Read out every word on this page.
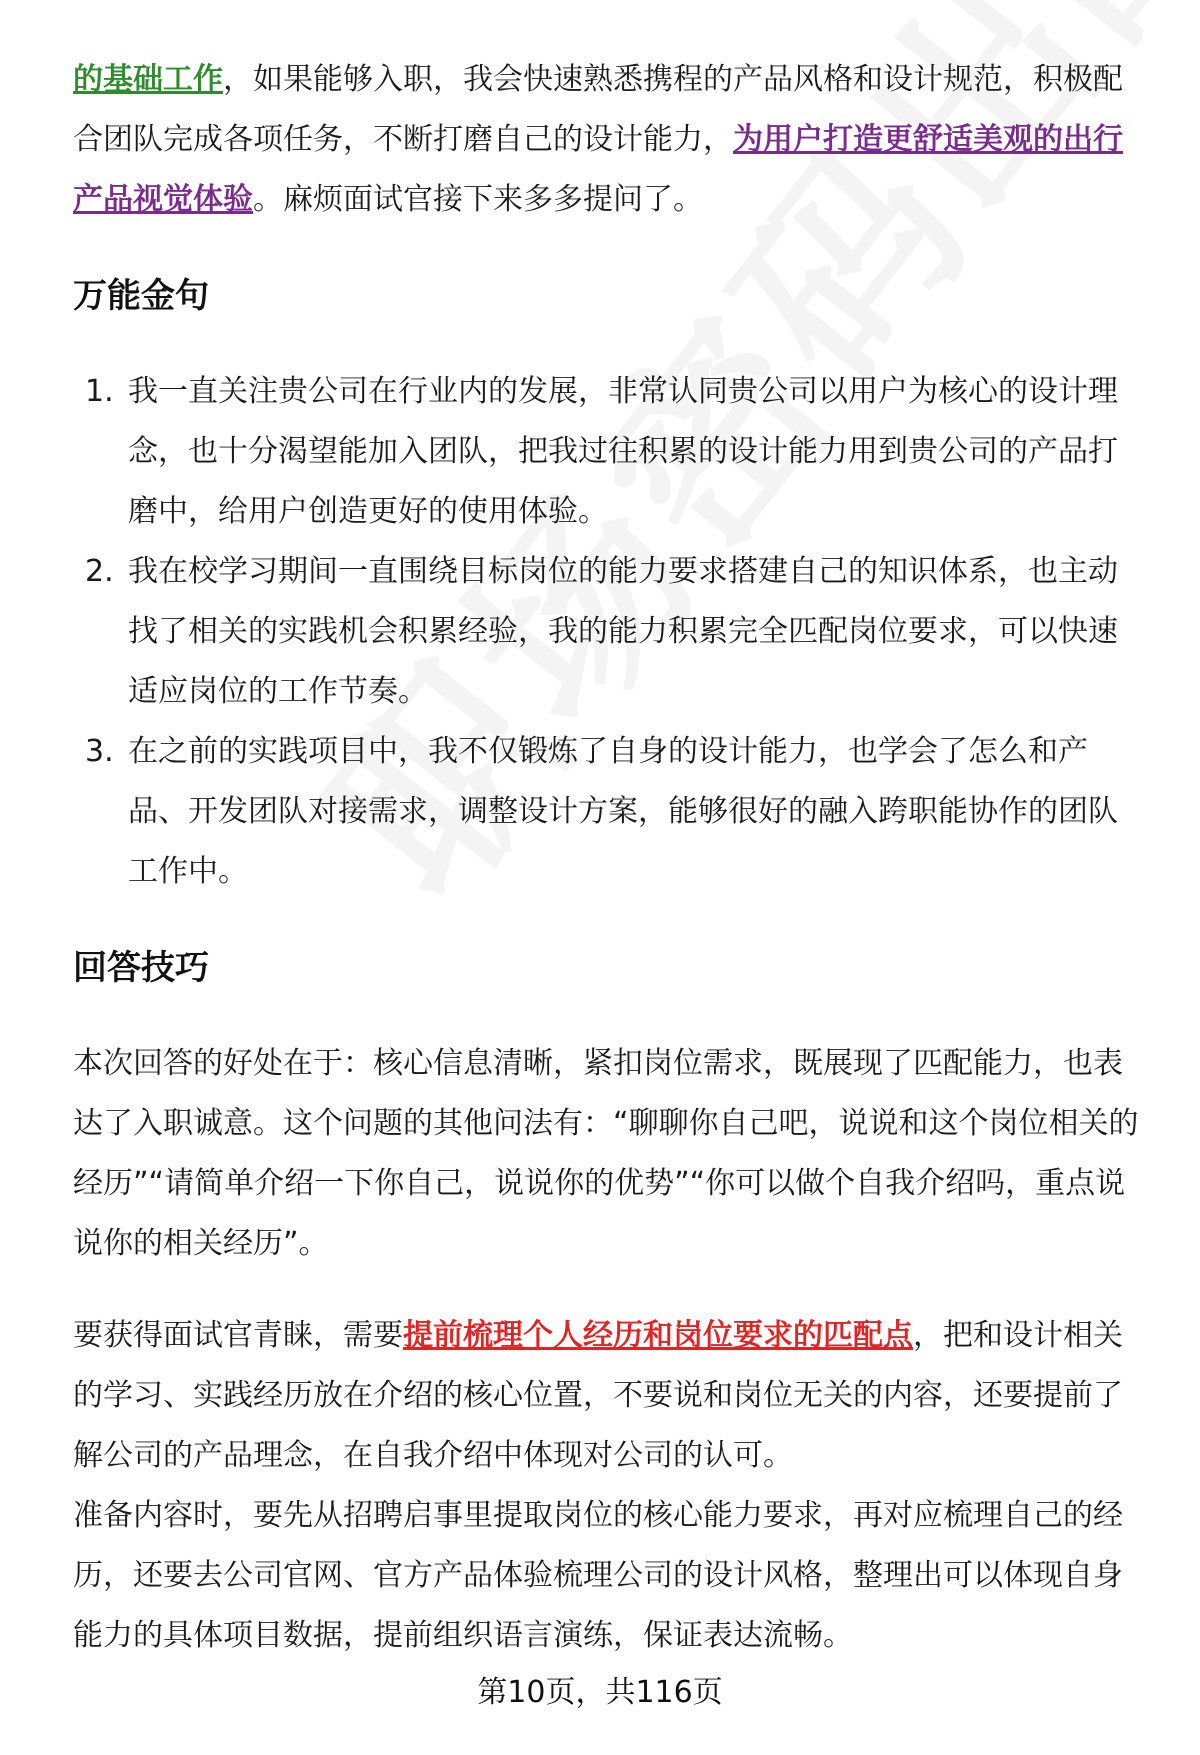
的基础工作，如果能够入职，我会快速熟悉携程的产品风格和设计规范，积极配合团队完成各项任务，不断打磨自己的设计能力，为用户打造更舒适美观的出行产品视觉体验。麻烦面试官接下来多多提问了。

万能金句
1. 我一直关注贵公司在行业内的发展，非常认同贵公司以用户为核心的设计理念，也十分渴望能加入团队，把我过往积累的设计能力用到贵公司的产品打磨中，给用户创造更好的使用体验。
2. 我在校学习期间一直围绕目标岗位的能力要求搭建自己的知识体系，也主动找了相关的实践机会积累经验，我的能力积累完全匹配岗位要求，可以快速适应岗位的工作节奏。
3. 在之前的实践项目中，我不仅锻炼了自身的设计能力，也学会了怎么和产品、开发团队对接需求，调整设计方案，能够很好的融入跨职能协作的团队工作中。
回答技巧

本次回答的好处在于：核心信息清晰，紧扣岗位需求，既展现了匹配能力，也表达了入职诚意。这个问题的其他问法有：“聊聊你自己吧，说说和这个岗位相关的经历”“请简单介绍一下你自己，说说你的优势”“你可以做个自我介绍吗，重点说说你的相关经历”。

要获得面试官青睐，需要提前梳理个人经历和岗位要求的匹配点，把和设计相关的学习、实践经历放在介绍的核心位置，不要说和岗位无关的内容，还要提前了解公司的产品理念，在自我介绍中体现对公司的认可。

准备内容时，要先从招聘启事里提取岗位的核心能力要求，再对应梳理自己的经历，还要去公司官网、官方产品体验梳理公司的设计风格，整理出可以体现自身能力的具体项目数据，提前组织语言演练，保证表达流畅。

第10页，共116页
